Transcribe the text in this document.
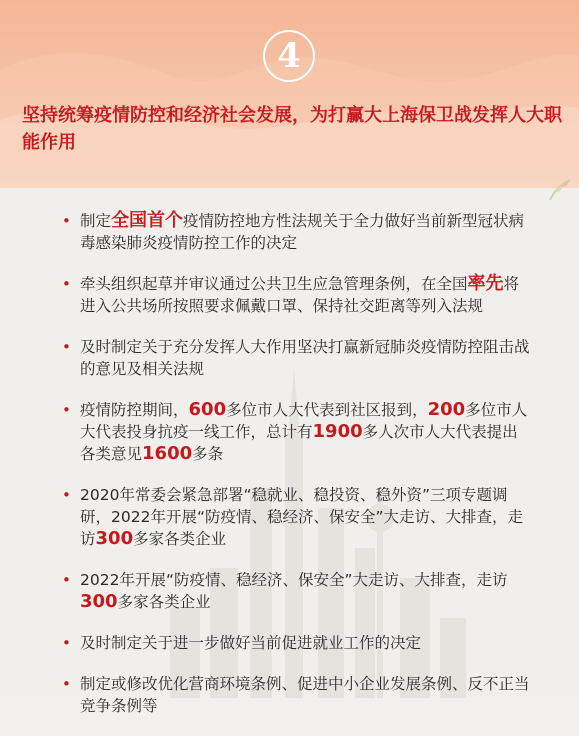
4
坚持统筹疫情防控和经济社会发展，为打赢大上海保卫战发挥人大职能作用
• 制定全国首个疫情防控地方性法规关于全力做好当前新型冠状病毒感染肺炎疫情防控工作的决定
• 牵头组织起草并审议通过公共卫生应急管理条例，在全国率先将进入公共场所按照要求佩戴口罩、保持社交距离等列入法规
• 及时制定关于充分发挥人大作用坚决打赢新冠肺炎疫情防控阻击战的意见及相关法规
• 疫情防控期间，600多位市人大代表到社区报到，200多位市人大代表投身抗疫一线工作，总计有1900多人次市人大代表提出各类意见1600多条
• 2020年常委会紧急部署“稳就业、稳投资、稳外资”三项专题调研，2022年开展“防疫情、稳经济、保安全”大走访、大排查，走访300多家各类企业
• 2022年开展“防疫情、稳经济、保安全”大走访、大排查，走访300多家各类企业
• 及时制定关于进一步做好当前促进就业工作的决定
• 制定或修改优化营商环境条例、促进中小企业发展条例、反不正当竞争条例等
